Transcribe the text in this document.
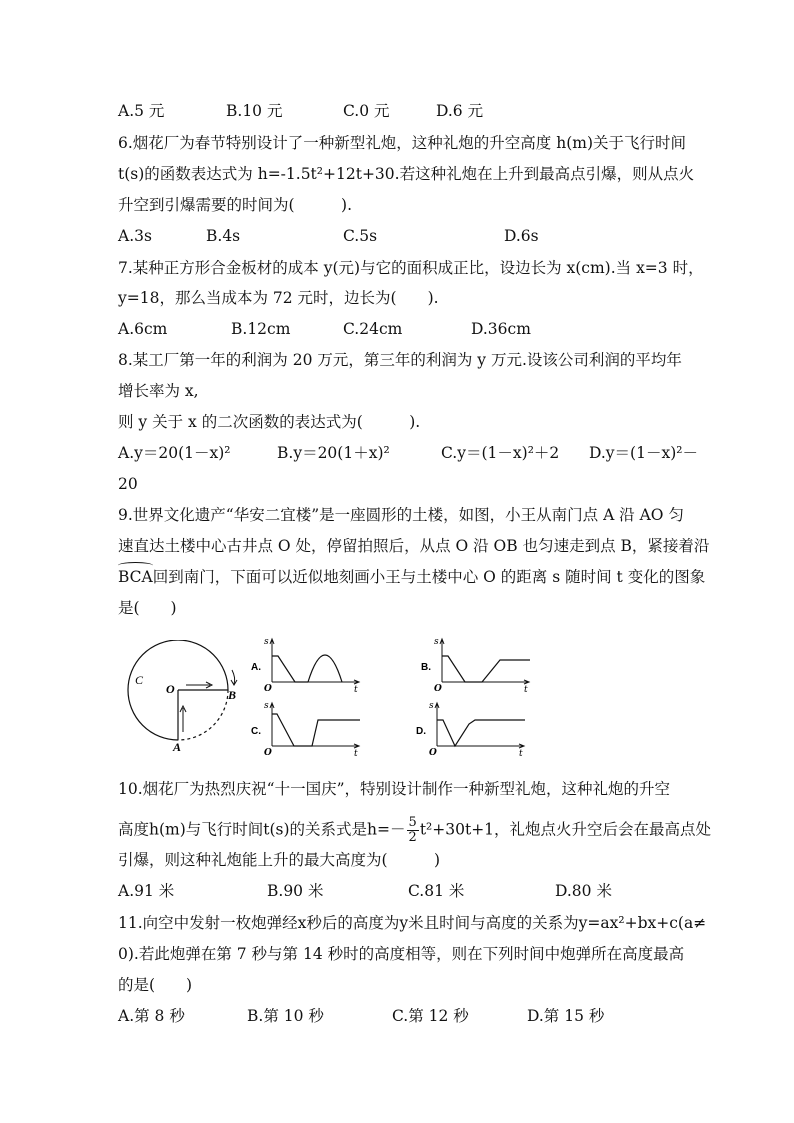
A.5 元	B.10 元	C.0 元	D.6 元
6.烟花厂为春节特别设计了一种新型礼炮，这种礼炮的升空高度 h(m)关于飞行时间
t(s)的函数表达式为 h=-1.5t²+12t+30.若这种礼炮在上升到最高点引爆，则从点火
升空到引爆需要的时间为(　　　).
A.3s	B.4s	C.5s	D.6s
7.某种正方形合金板材的成本 y(元)与它的面积成正比，设边长为 x(cm).当 x=3 时，
y=18，那么当成本为 72 元时，边长为(　　).
A.6cm	B.12cm	C.24cm	D.36cm
8.某工厂第一年的利润为 20 万元，第三年的利润为 y 万元.设该公司利润的平均年
增长率为 x,
则 y 关于 x 的二次函数的表达式为(　　　).
A.y＝20(1－x)²	B.y＝20(1＋x)²	C.y＝(1－x)²＋2 D.y＝(1－x)²－
20
9.世界文化遗产“华安二宜楼”是一座圆形的土楼，如图，小王从南门点 A 沿 AO 匀
速直达土楼中心古井点 O 处，停留拍照后，从点 O 沿 OB 也匀速走到点 B，紧接着沿
BCA回到南门，下面可以近似地刻画小王与土楼中心 O 的距离 s 随时间 t 变化的图象
是(　　)
C
O	B
A
A.
s
O	t
B.
s
O	t
C.
s
O	t
D.
s
O	t
10.烟花厂为热烈庆祝“十一国庆”，特别设计制作一种新型礼炮，这种礼炮的升空
高度h(m)与飞行时间t(s)的关系式是$h=- \frac{5}{2} t^2+30t+1$，礼炮点火升空后会在最高点处
引爆，则这种礼炮能上升的最大高度为(　　　)
A.91 米	B.90 米	C.81 米	D.80 米
11.向空中发射一枚炮弹经x秒后的高度为y米且时间与高度的关系为y=ax²+bx+c(a≠
0).若此炮弹在第 7 秒与第 14 秒时的高度相等，则在下列时间中炮弹所在高度最高
的是(　　)
A.第 8 秒	B.第 10 秒	C.第 12 秒	D.第 15 秒
